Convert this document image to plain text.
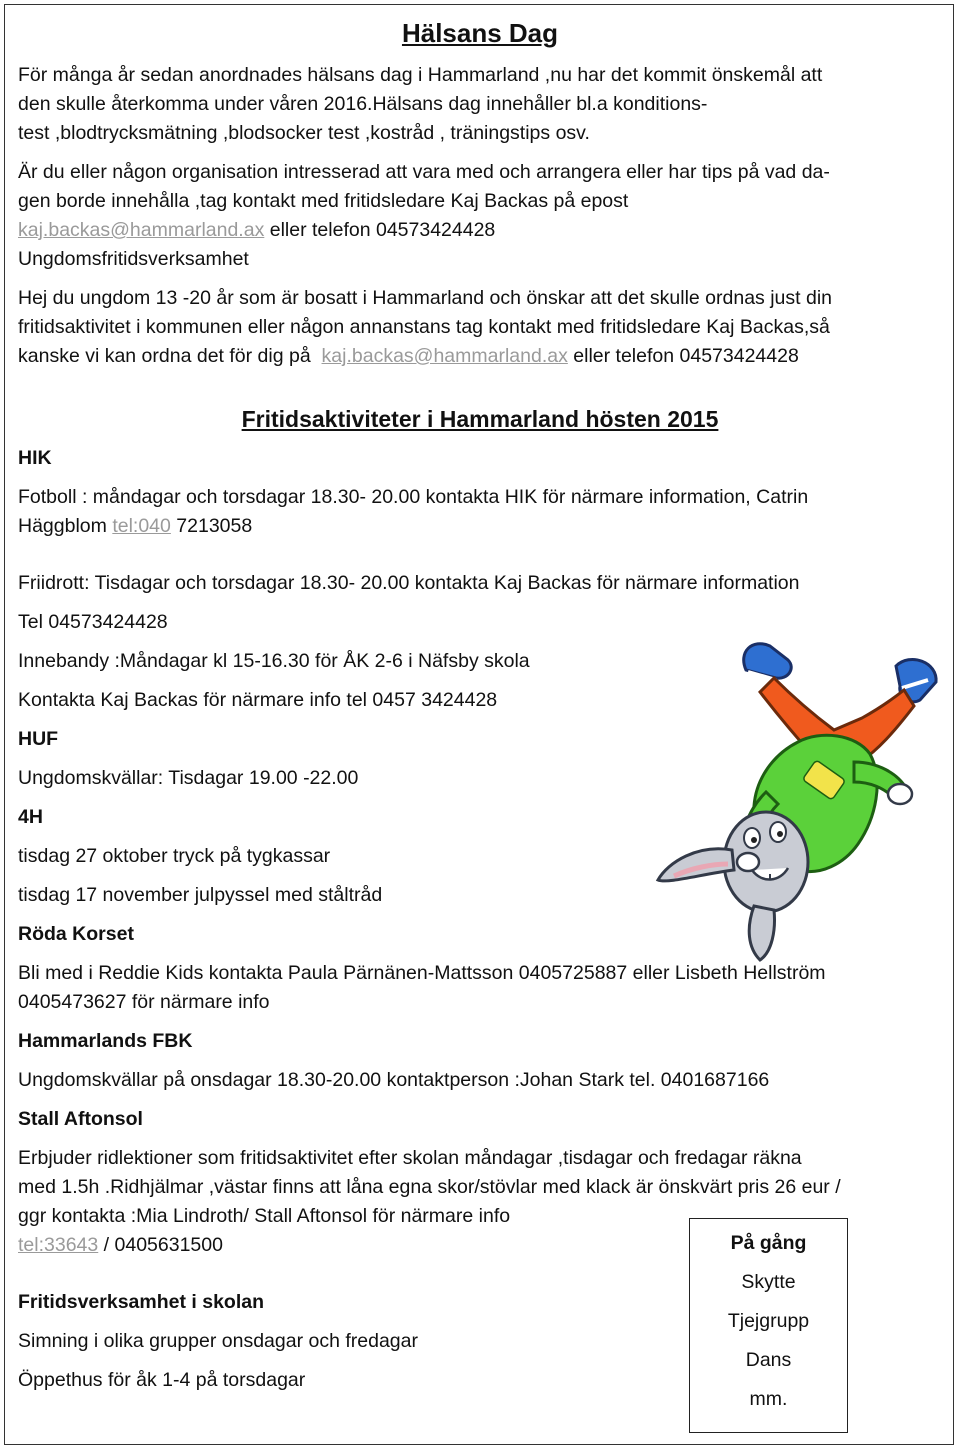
Hälsans Dag
För många år sedan anordnades hälsans dag i Hammarland ,nu har det kommit önskemål att
den skulle återkomma under våren 2016.Hälsans dag innehåller bl.a konditions-
test ,blodtrycksmätning ,blodsocker test ,kostråd , träningstips osv.
Är du eller någon organisation intresserad att vara med och arrangera eller har tips på vad da-
gen borde innehålla ,tag kontakt med fritidsledare Kaj Backas på epost
kaj.backas@hammarland.ax eller telefon 04573424428
Ungdomsfritidsverksamhet
Hej du ungdom 13 -20 år som är bosatt i Hammarland och önskar att det skulle ordnas just din
fritidsaktivitet i kommunen eller någon annanstans tag kontakt med fritidsledare Kaj Backas,så
kanske vi kan ordna det för dig på  kaj.backas@hammarland.ax eller telefon 04573424428
Fritidsaktiviteter i Hammarland hösten 2015
HIK
Fotboll : måndagar och torsdagar 18.30- 20.00 kontakta HIK för närmare information, Catrin
Häggblom tel:040 7213058
Friidrott: Tisdagar och torsdagar 18.30- 20.00 kontakta Kaj Backas för närmare information
Tel 04573424428
Innebandy :Måndagar kl 15-16.30 för ÅK 2-6 i Näfsby skola
Kontakta Kaj Backas för närmare info tel 0457 3424428
HUF
Ungdomskvällar: Tisdagar 19.00 -22.00
4H
tisdag 27 oktober tryck på tygkassar
tisdag 17 november julpyssel med ståltråd
Röda Korset
Bli med i Reddie Kids kontakta Paula Pärnänen-Mattsson 0405725887 eller Lisbeth Hellström
0405473627 för närmare info
Hammarlands FBK
Ungdomskvällar på onsdagar 18.30-20.00 kontaktperson :Johan Stark tel. 0401687166
Stall Aftonsol
Erbjuder ridlektioner som fritidsaktivitet efter skolan måndagar ,tisdagar och fredagar räkna
med 1.5h .Ridhjälmar ,västar finns att låna egna skor/stövlar med klack är önskvärt pris 26 eur /
ggr kontakta :Mia Lindroth/ Stall Aftonsol för närmare info
tel:33643 / 0405631500
Fritidsverksamhet i skolan
Simning i olika grupper onsdagar och fredagar
Öppethus för åk 1-4 på torsdagar
På gång
Skytte
Tjejgrupp
Dans
mm.
